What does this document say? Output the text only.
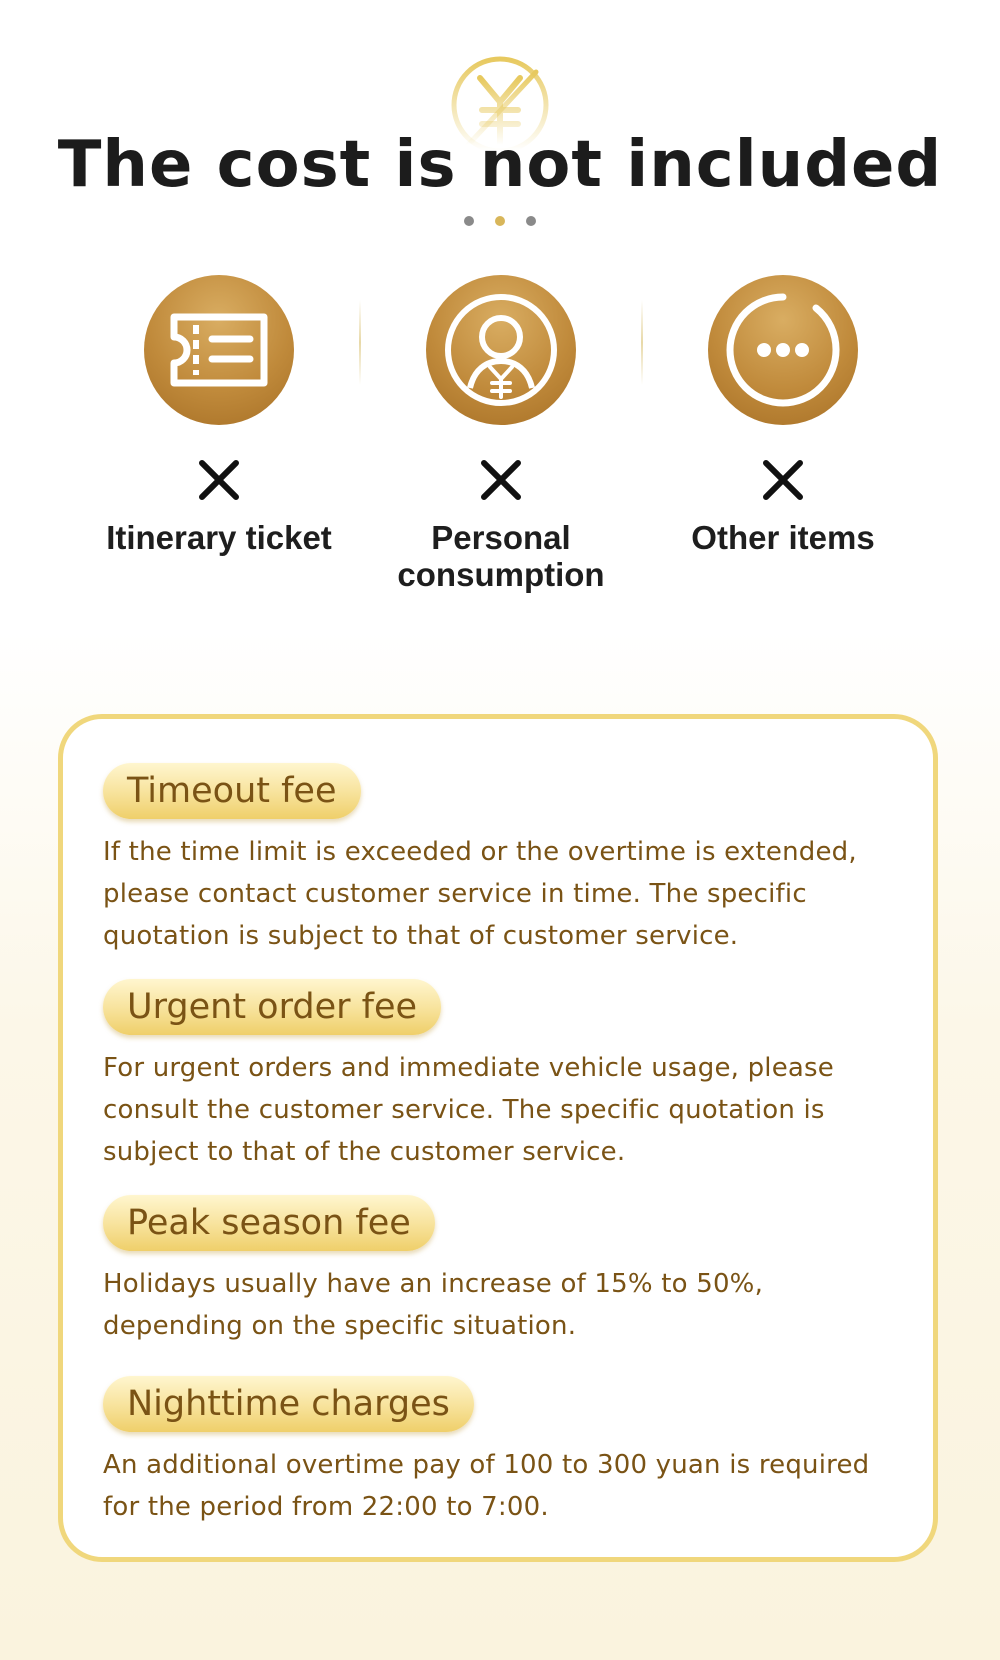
The cost is not included
Itinerary ticket	Personal consumption
Other items
Timeout fee
If the time limit is exceeded or the overtime is extended, please contact customer service in time. The specific quotation is subject to that of customer service.
Urgent order fee
For urgent orders and immediate vehicle usage, please consult the customer service. The specific quotation is subject to that of the customer service.
Peak season fee
Holidays usually have an increase of 15% to 50%, depending on the specific situation.
Nighttime charges
An additional overtime pay of 100 to 300 yuan is required for the period from 22:00 to 7:00.
